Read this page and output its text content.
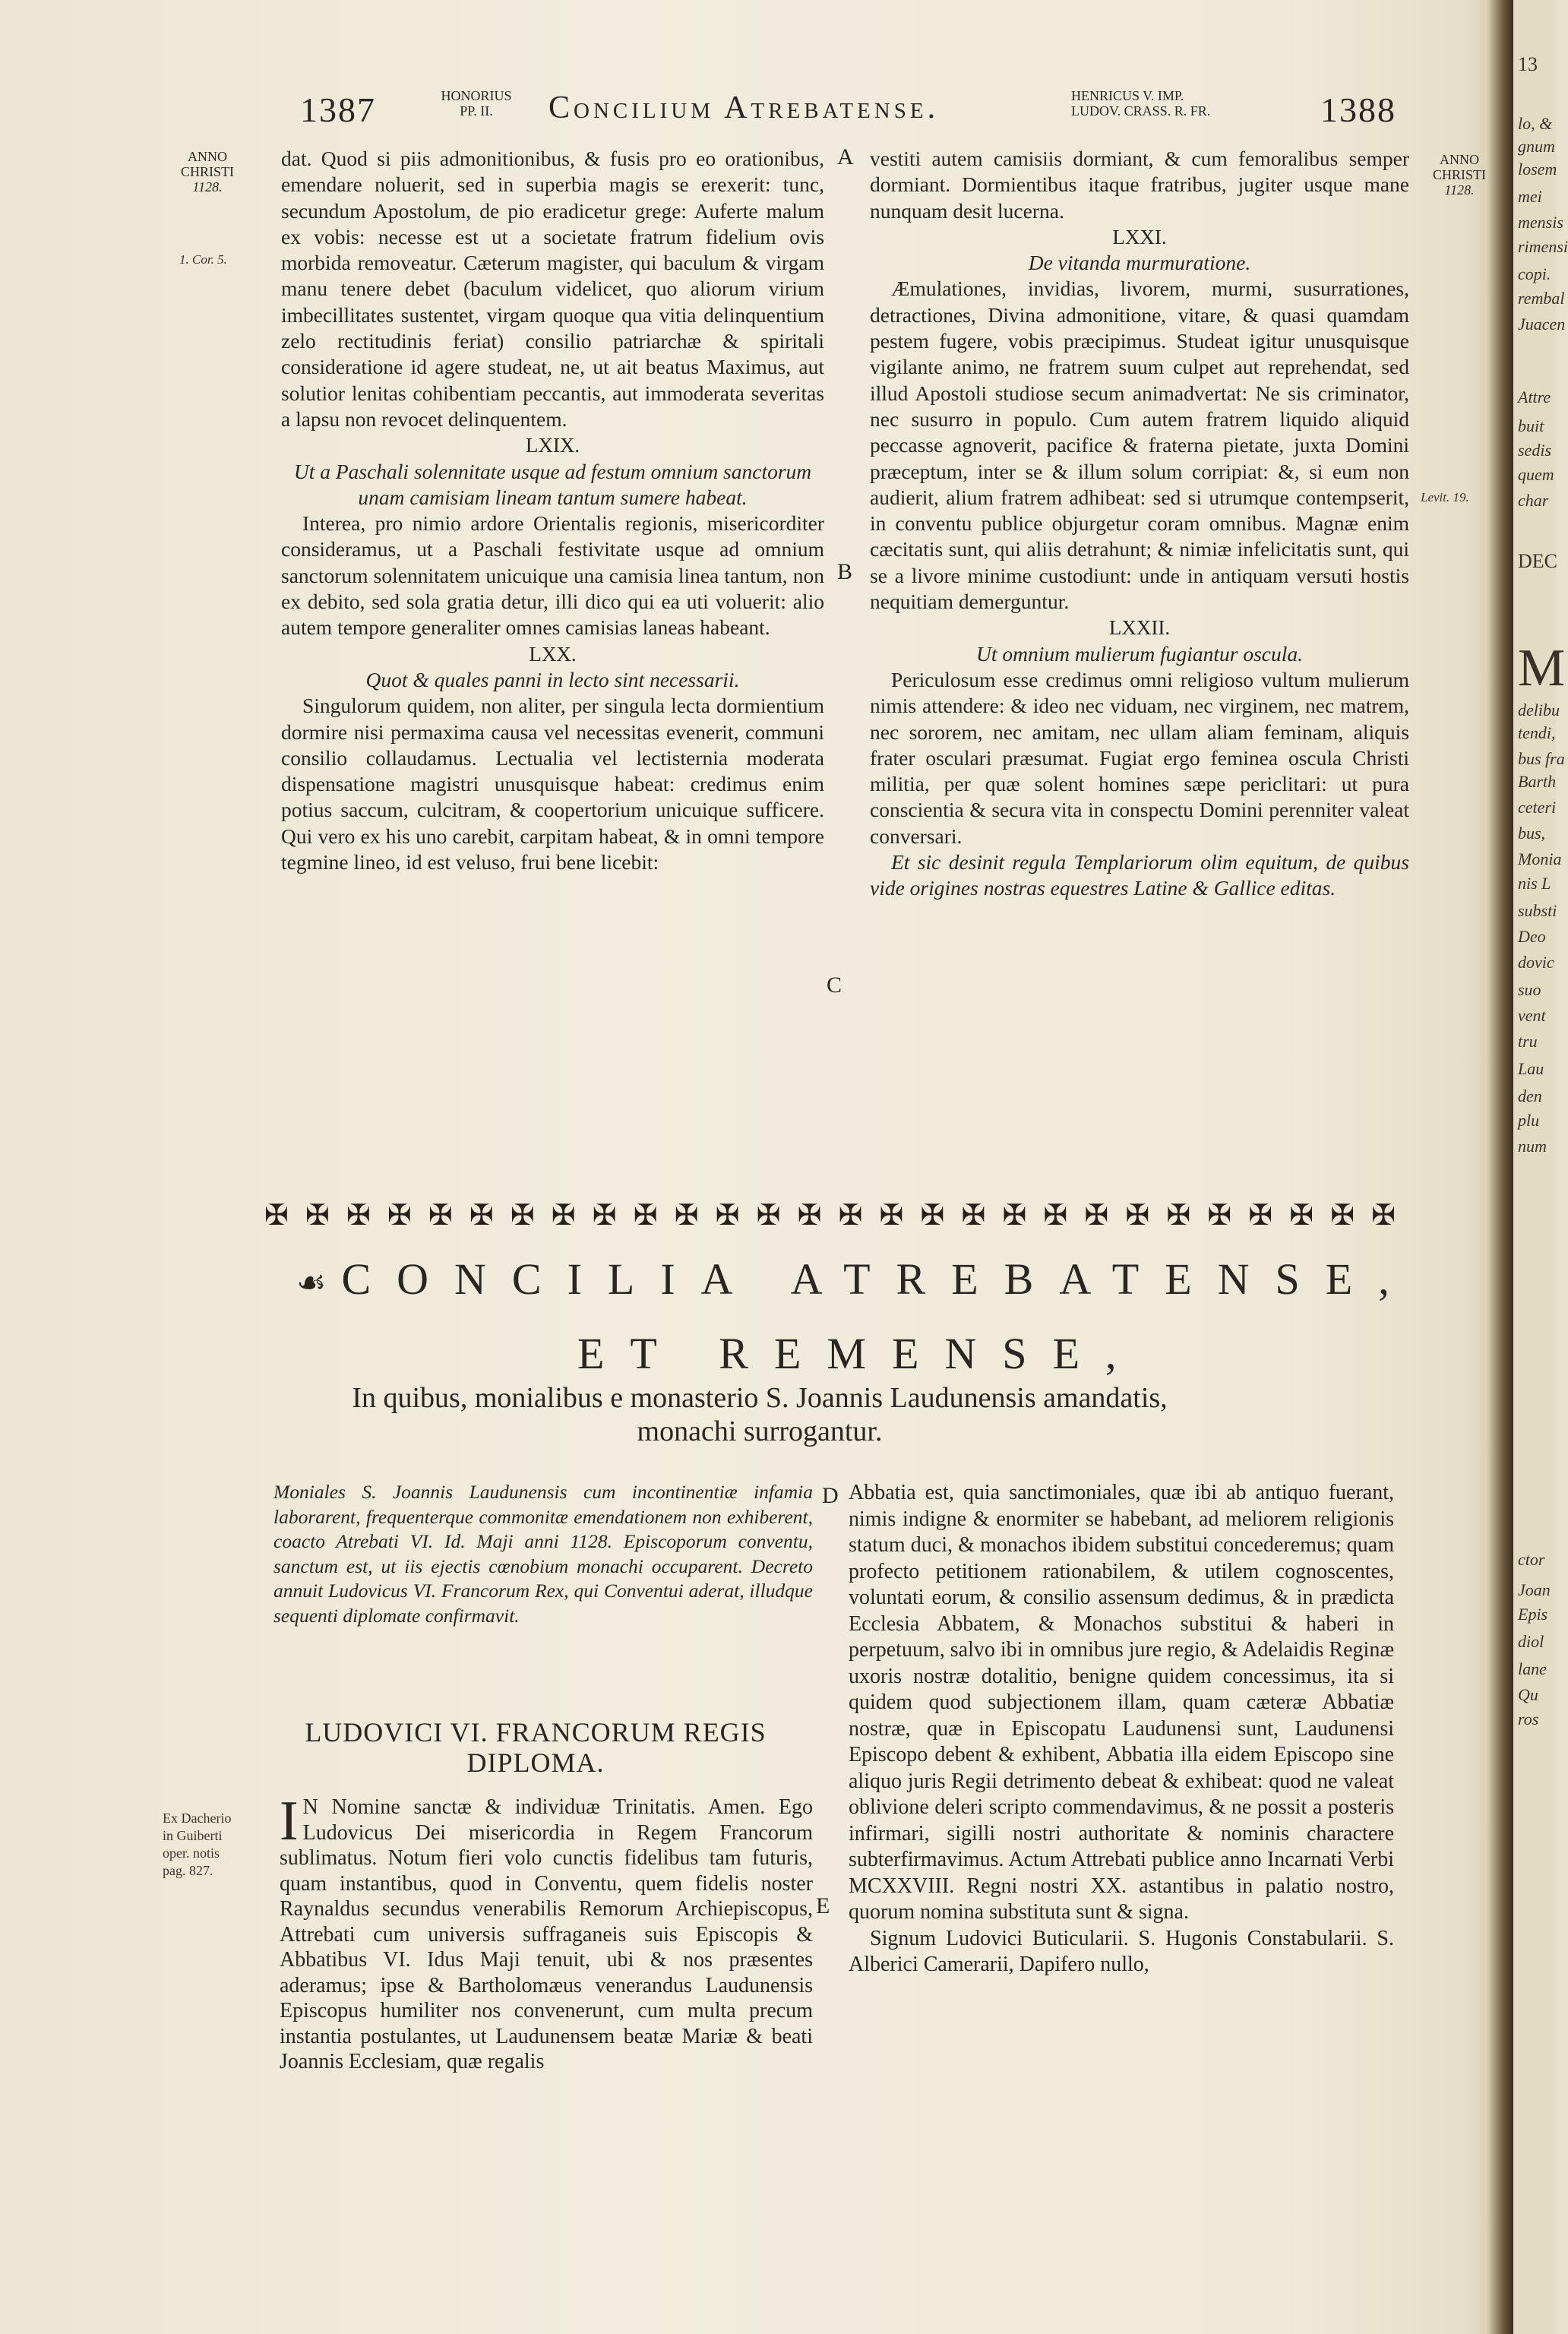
1387	HONORIUS
PP. II.	Concilium Atrebatense.	HENRICUS V. IMP.
LUDOV. CRASS. R. FR.	1388
ANNO
CHRISTI
1128.
1. Cor. 5.
ANNO
CHRISTI
1128.
Levit. 19.
A
B
C
D
E

dat. Quod si piis admonitionibus, & fusis pro eo orationibus, emendare noluerit, sed in superbia magis se erexerit: tunc, secundum Apostolum, de pio eradicetur grege: Auferte malum ex vobis: necesse est ut a societate fratrum fidelium ovis morbida removeatur. Cæterum magister, qui baculum & virgam manu tenere debet (baculum videlicet, quo aliorum virium imbecillitates sustentet, virgam quoque qua vitia delinquentium zelo rectitudinis feriat) consilio patriarchæ & spiritali consideratione id agere studeat, ne, ut ait beatus Maximus, aut solutior lenitas cohibentiam peccantis, aut immoderata severitas a lapsu non revocet delinquentem.

LXIX.

Ut a Paschali solennitate usque ad festum omnium sanctorum unam camisiam lineam tantum sumere habeat.

Interea, pro nimio ardore Orientalis regionis, misericorditer consideramus, ut a Paschali festivitate usque ad omnium sanctorum solennitatem unicuique una camisia linea tantum, non ex debito, sed sola gratia detur, illi dico qui ea uti voluerit: alio autem tempore generaliter omnes camisias laneas habeant.

LXX.

Quot & quales panni in lecto sint necessarii.

Singulorum quidem, non aliter, per singula lecta dormientium dormire nisi permaxima causa vel necessitas evenerit, communi consilio collaudamus. Lectualia vel lectisternia moderata dispensatione magistri unusquisque habeat: credimus enim potius saccum, culcitram, & coopertorium unicuique sufficere. Qui vero ex his uno carebit, carpitam habeat, & in omni tempore tegmine lineo, id est veluso, frui bene licebit:

vestiti autem camisiis dormiant, & cum femoralibus semper dormiant. Dormientibus itaque fratribus, jugiter usque mane nunquam desit lucerna.

LXXI.

De vitanda murmuratione.

Æmulationes, invidias, livorem, murmi, susurrationes, detractiones, Divina admonitione, vitare, & quasi quamdam pestem fugere, vobis præcipimus. Studeat igitur unusquisque vigilante animo, ne fratrem suum culpet aut reprehendat, sed illud Apostoli studiose secum animadvertat: Ne sis criminator, nec susurro in populo. Cum autem fratrem liquido aliquid peccasse agnoverit, pacifice & fraterna pietate, juxta Domini præceptum, inter se & illum solum corripiat: &, si eum non audierit, alium fratrem adhibeat: sed si utrumque contempserit, in conventu publice objurgetur coram omnibus. Magnæ enim cæcitatis sunt, qui aliis detrahunt; & nimiæ infelicitatis sunt, qui se a livore minime custodiunt: unde in antiquam versuti hostis nequitiam demerguntur.

LXXII.

Ut omnium mulierum fugiantur oscula.

Periculosum esse credimus omni religioso vultum mulierum nimis attendere: & ideo nec viduam, nec virginem, nec matrem, nec sororem, nec amitam, nec ullam aliam feminam, aliquis frater osculari præsumat. Fugiat ergo feminea oscula Christi militia, per quæ solent homines sæpe periclitari: ut pura conscientia & secura vita in conspectu Domini perenniter valeat conversari.

Et sic desinit regula Templariorum olim equitum, de quibus vide origines nostras equestres Latine & Gallice editas.

✠ ✠ ✠ ✠ ✠ ✠ ✠ ✠ ✠ ✠ ✠ ✠ ✠ ✠ ✠ ✠ ✠ ✠ ✠ ✠ ✠ ✠ ✠ ✠ ✠ ✠ ✠ ✠
☙ CONCILIA ATREBATENSE,
ET REMENSE,
In quibus, monialibus e monasterio S. Joannis Laudunensis amandatis, monachi surrogantur.
Moniales S. Joannis Laudunensis cum incontinentiæ infamia laborarent, frequenterque commonitæ emendationem non exhiberent, coacto Atrebati VI. Id. Maji anni 1128. Episcoporum conventu, sanctum est, ut iis ejectis cœnobium monachi occuparent. Decreto annuit Ludovicus VI. Francorum Rex, qui Conventui aderat, illudque sequenti diplomate confirmavit.
LUDOVICI VI. FRANCORUM REGIS DIPLOMA.
Ex Dacherio
in Guiberti
oper. notis
pag. 827.
I N Nomine sanctæ & individuæ Trinitatis. Amen. Ego Ludovicus Dei misericordia in Regem Francorum sublimatus. Notum fieri volo cunctis fidelibus tam futuris, quam instantibus, quod in Conventu, quem fidelis noster Raynaldus secundus venerabilis Remorum Archiepiscopus, Attrebati cum universis suffraganeis suis Episcopis & Abbatibus VI. Idus Maji tenuit, ubi & nos præsentes aderamus; ipse & Bartholomæus venerandus Laudunensis Episcopus humiliter nos convenerunt, cum multa precum instantia postulantes, ut Laudunensem beatæ Mariæ & beati Joannis Ecclesiam, quæ regalis

Abbatia est, quia sanctimoniales, quæ ibi ab antiquo fuerant, nimis indigne & enormiter se habebant, ad meliorem religionis statum duci, & monachos ibidem substitui concederemus; quam profecto petitionem rationabilem, & utilem cognoscentes, voluntati eorum, & consilio assensum dedimus, & in prædicta Ecclesia Abbatem, & Monachos substitui & haberi in perpetuum, salvo ibi in omnibus jure regio, & Adelaidis Reginæ uxoris nostræ dotalitio, benigne quidem concessimus, ita si quidem quod subjectionem illam, quam cæteræ Abbatiæ nostræ, quæ in Episcopatu Laudunensi sunt, Laudunensi Episcopo debent & exhibent, Abbatia illa eidem Episcopo sine aliquo juris Regii detrimento debeat & exhibeat: quod ne valeat oblivione deleri scripto commendavimus, & ne possit a posteris infirmari, sigilli nostri authoritate & nominis charactere subterfirmavimus. Actum Attrebati publice anno Incarnati Verbi MCXXVIII. Regni nostri XX. astantibus in palatio nostro, quorum nomina substituta sunt & signa.

Signum Ludovici Buticularii. S. Hugonis Constabularii. S. Alberici Camerarii, Dapifero nullo,

13
lo, &
gnum
losem
mei
mensis
rimensi
copi.
rembal
Juacen
Attre
buit
sedis
quem
char
DEC
M
delibu
tendi,
bus fra
Barth
ceteri
bus,
Monia
nis L
substi
Deo
dovic
suo
vent
tru
Lau
den
plu
num
ctor
Joan
Epis
diol
lane
Qu
ros
